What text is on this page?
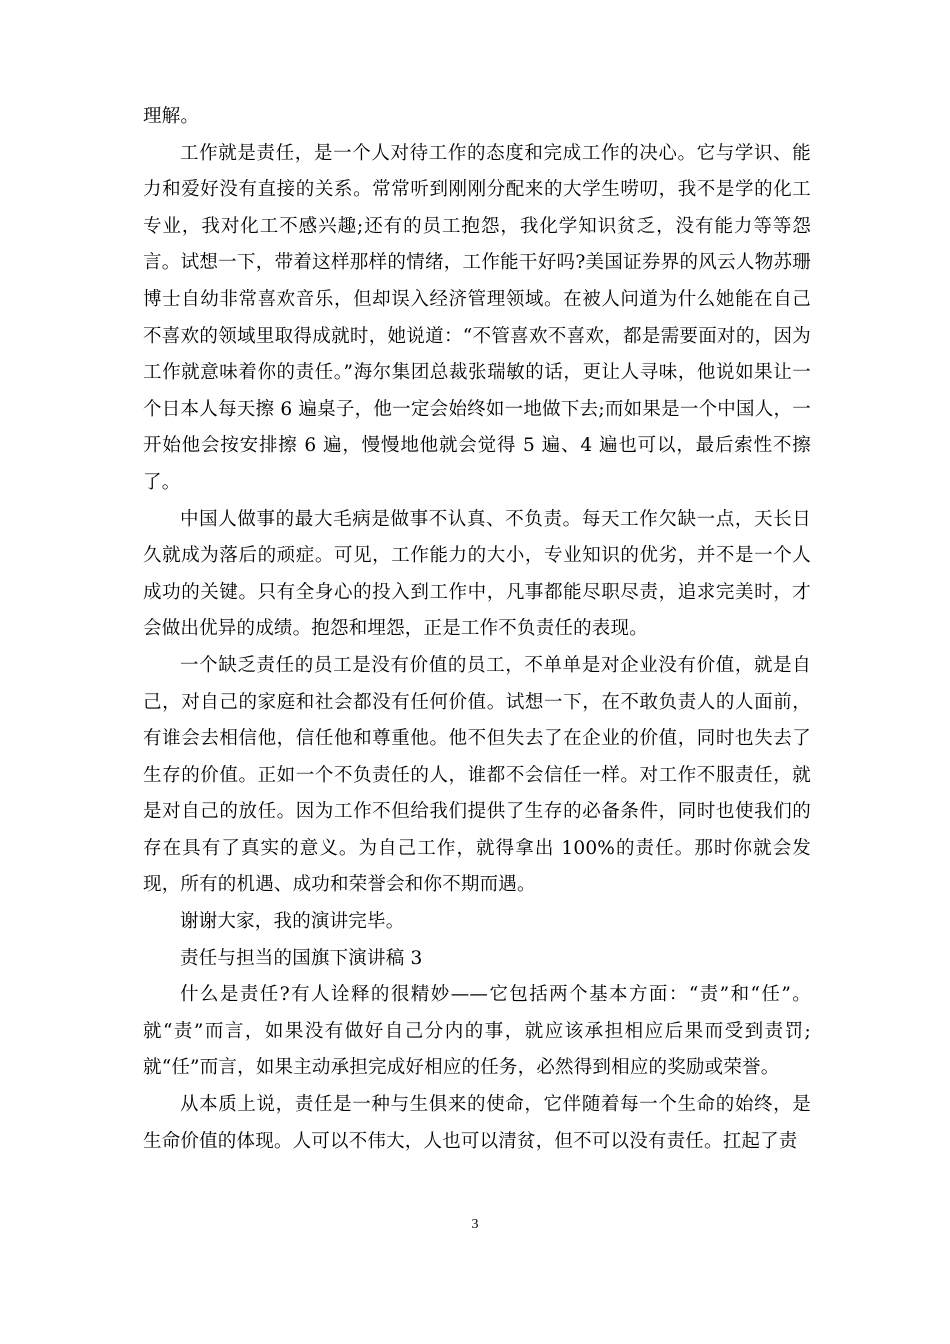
理解。

工作就是责任，是一个人对待工作的态度和完成工作的决心。它与学识、能力和爱好没有直接的关系。常常听到刚刚分配来的大学生唠叨，我不是学的化工专业，我对化工不感兴趣;还有的员工抱怨，我化学知识贫乏，没有能力等等怨言。试想一下，带着这样那样的情绪，工作能干好吗?美国证券界的风云人物苏珊博士自幼非常喜欢音乐，但却误入经济管理领域。在被人问道为什么她能在自己不喜欢的领域里取得成就时，她说道：“不管喜欢不喜欢，都是需要面对的，因为工作就意味着你的责任。”海尔集团总裁张瑞敏的话，更让人寻味，他说如果让一个日本人每天擦 6 遍桌子，他一定会始终如一地做下去;而如果是一个中国人，一开始他会按安排擦 6 遍，慢慢地他就会觉得 5 遍、4 遍也可以，最后索性不擦了。

中国人做事的最大毛病是做事不认真、不负责。每天工作欠缺一点，天长日久就成为落后的顽症。可见，工作能力的大小，专业知识的优劣，并不是一个人成功的关键。只有全身心的投入到工作中，凡事都能尽职尽责，追求完美时，才会做出优异的成绩。抱怨和埋怨，正是工作不负责任的表现。

一个缺乏责任的员工是没有价值的员工，不单单是对企业没有价值，就是自己，对自己的家庭和社会都没有任何价值。试想一下，在不敢负责人的人面前，有谁会去相信他，信任他和尊重他。他不但失去了在企业的价值，同时也失去了生存的价值。正如一个不负责任的人，谁都不会信任一样。对工作不服责任，就是对自己的放任。因为工作不但给我们提供了生存的必备条件，同时也使我们的存在具有了真实的意义。为自己工作，就得拿出 100%的责任。那时你就会发现，所有的机遇、成功和荣誉会和你不期而遇。

谢谢大家，我的演讲完毕。

责任与担当的国旗下演讲稿 3

什么是责任?有人诠释的很精妙——它包括两个基本方面：“责”和“任”。就“责”而言，如果没有做好自己分内的事，就应该承担相应后果而受到责罚;就“任”而言，如果主动承担完成好相应的任务，必然得到相应的奖励或荣誉。

从本质上说，责任是一种与生俱来的使命，它伴随着每一个生命的始终，是生命价值的体现。人可以不伟大，人也可以清贫，但不可以没有责任。扛起了责

3
